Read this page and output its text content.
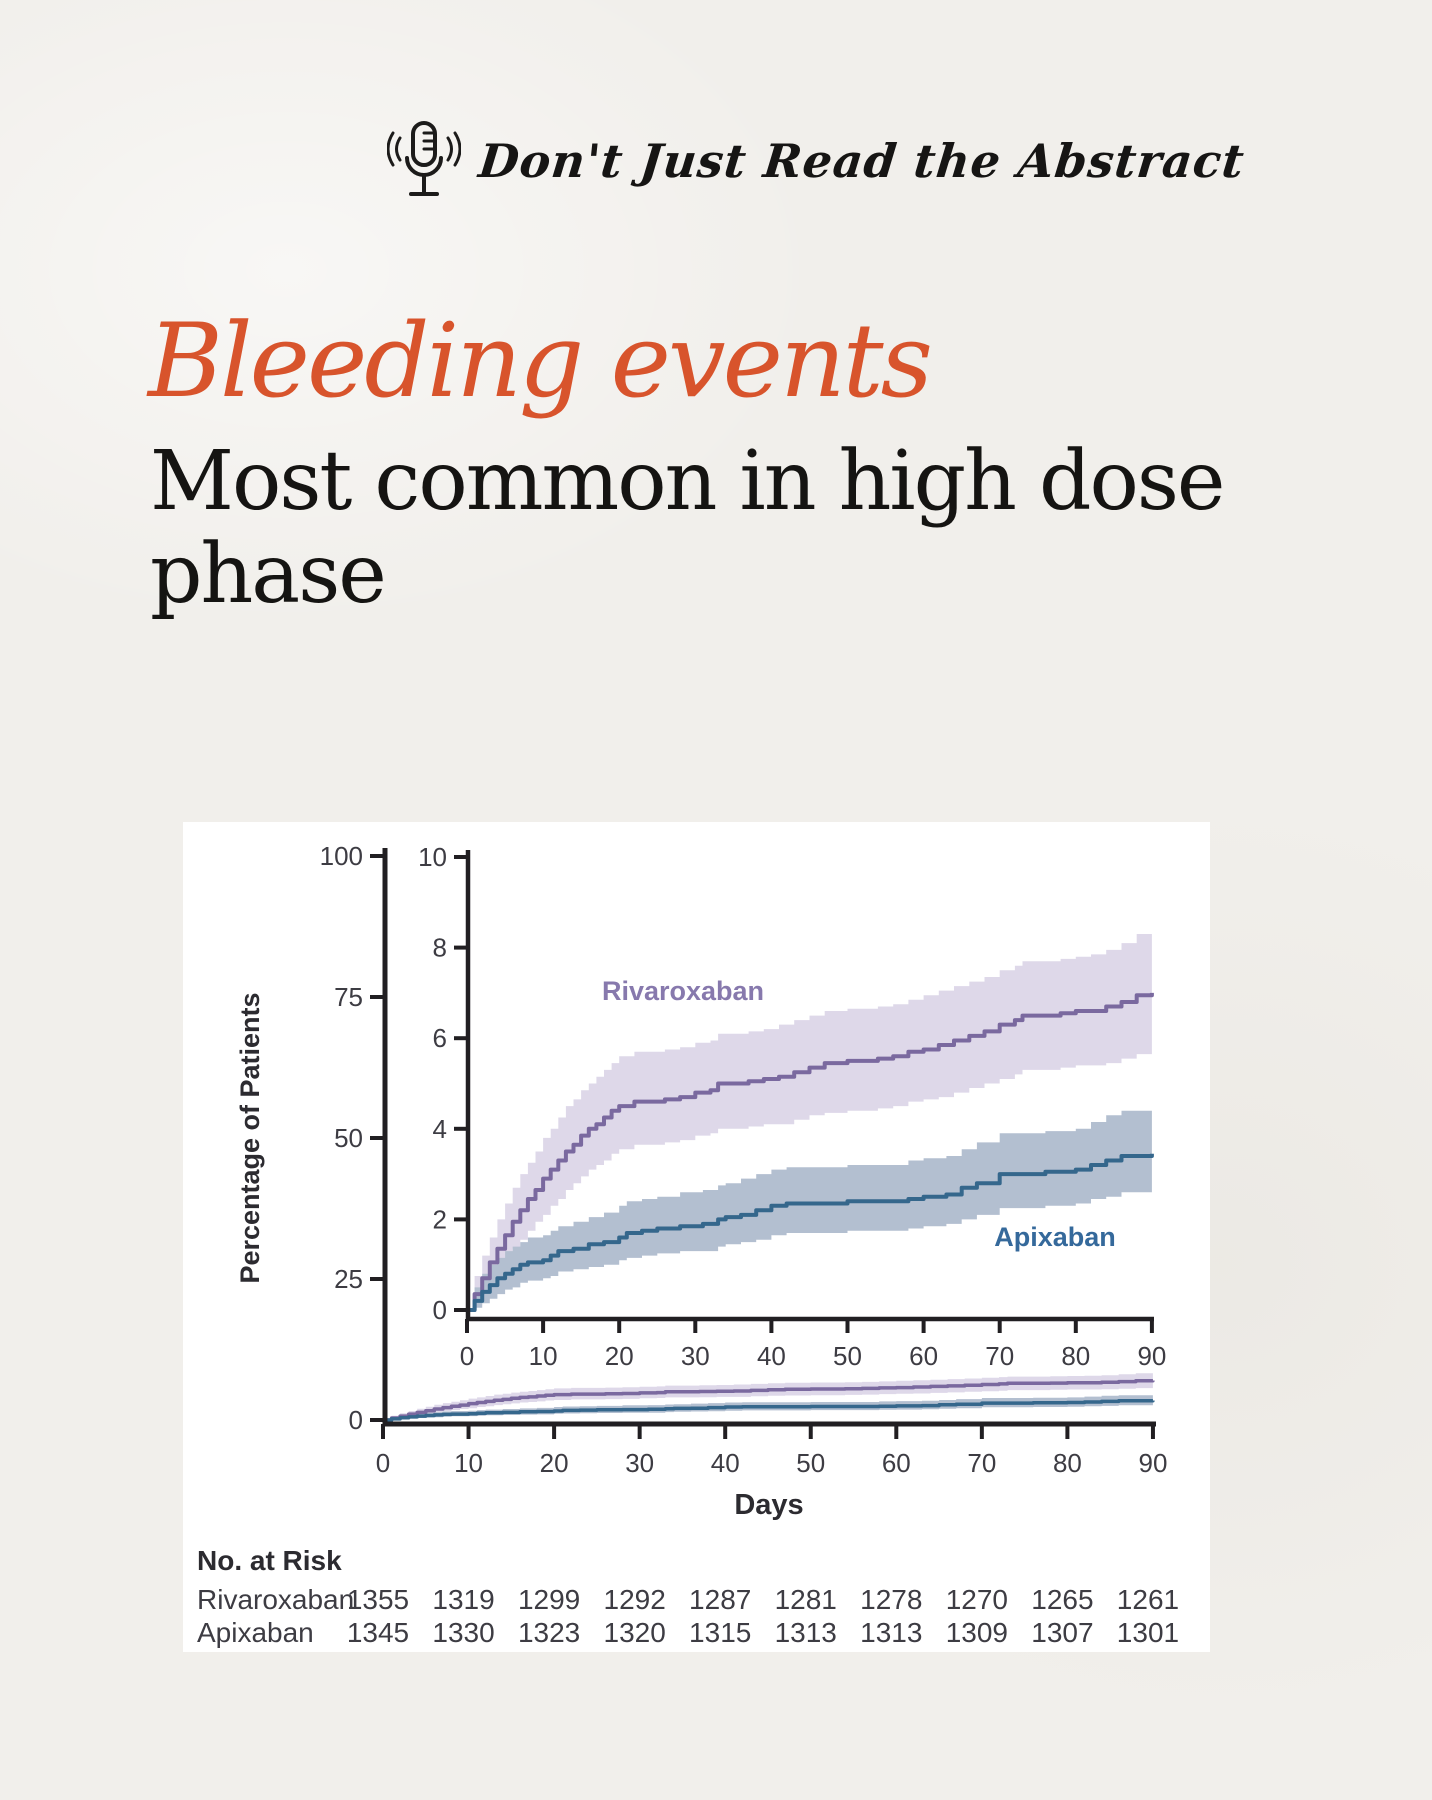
Don't Just Read the Abstract
Bleeding events
Most common in high dose
phase
0
25
50
75
100
0 10 20 30 40 50 60 70 80 90
0
2
4
6
8
10
0 10 20 30 40 50 60 70 80 90
Days
Percentage of Patients
Rivaroxaban
Apixaban
No. at Risk
Rivaroxaban
1355 1319 1299 1292 1287 1281 1278 1270 1265 1261
Apixaban 1345 1330 1323 1320 1315 1313 1313 1309 1307 1301
